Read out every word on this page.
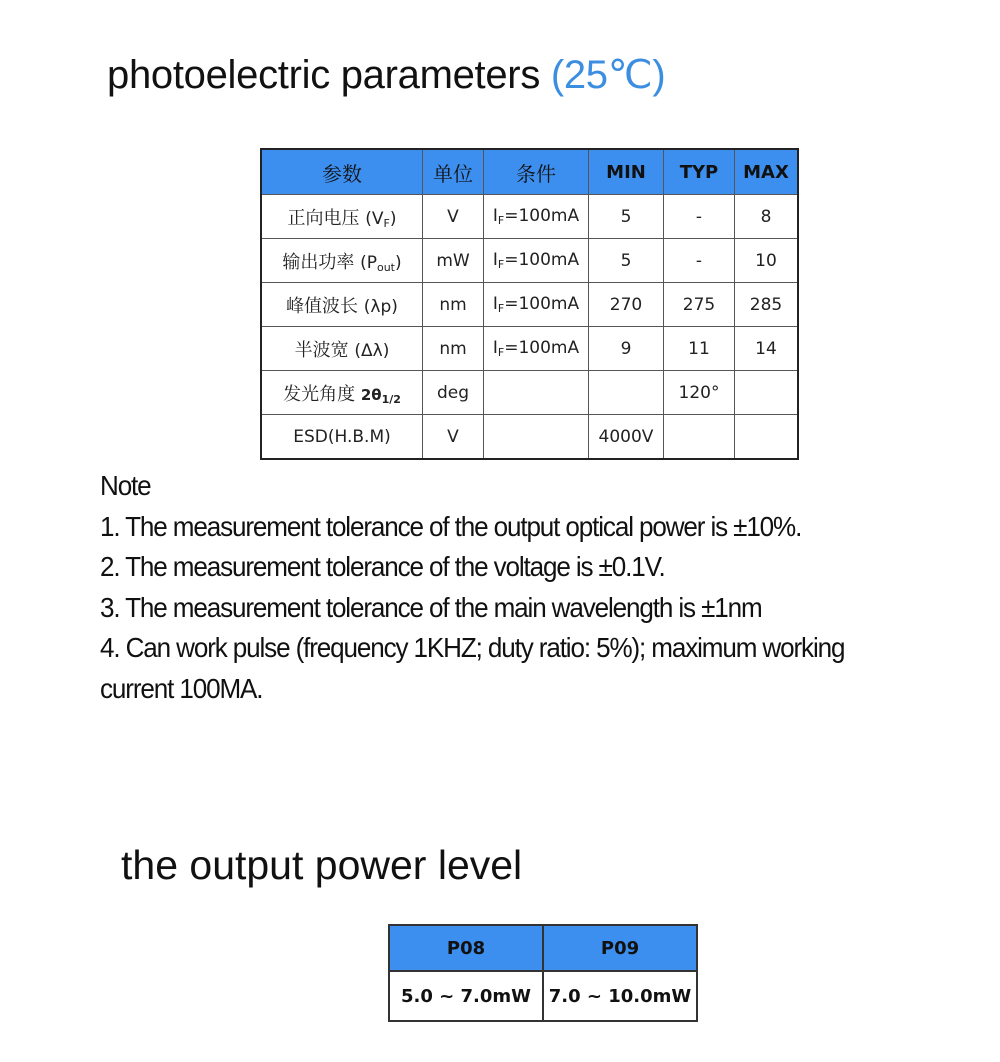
photoelectric parameters (25℃)
参数	单位	条件	MIN	TYP	MAX
正向电压 $(V_F)$	V	$I_F=100mA$	5	-	8
输出功率 $(P_{out})$	mW	$I_F=100mA$	5	-	10
峰值波长 (λp)	nm	$I_F=100mA$	270	275	285
半波宽 (Δλ)	nm	$I_F=100mA$	9	11	14
发光角度 $2\theta_{1/2}$	deg			120°	
ESD(H.B.M)	V		4000V		

Note

1. The measurement tolerance of the output optical power is ±10%.

2. The measurement tolerance of the voltage is ±0.1V.

3. The measurement tolerance of the main wavelength is ±1nm

4. Can work pulse (frequency 1KHZ; duty ratio: 5%); maximum working current 100MA.

the output power level
P08	P09
5.0 ~ 7.0mW	7.0 ~ 10.0mW
